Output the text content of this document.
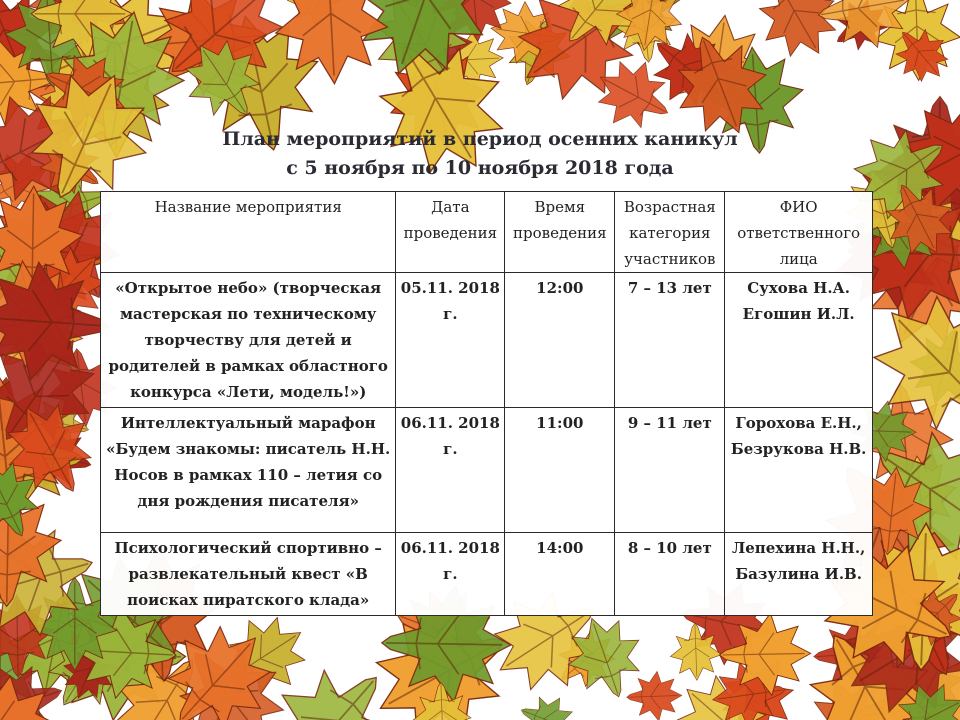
План мероприятий в период осенних каникул
с 5 ноября по 10 ноября 2018 года
Название мероприятия	Дата проведения	Время проведения	Возрастная категория участников	ФИО ответственного лица
«Открытое небо» (творческая мастерская по техническому творчеству для детей и родителей в рамках областного конкурса «Лети, модель!»)	05.11. 2018 г.	12:00	7 – 13 лет	Сухова Н.А. Егошин И.Л.
Интеллектуальный марафон «Будем знакомы: писатель Н.Н. Носов в рамках 110 – летия со дня рождения писателя»	06.11. 2018 г.	11:00	9 – 11 лет	Горохова Е.Н., Безрукова Н.В.
Психологический спортивно – развлекательный квест «В поисках пиратского клада»	06.11. 2018 г.	14:00	8 – 10 лет	Лепехина Н.Н., Базулина И.В.
